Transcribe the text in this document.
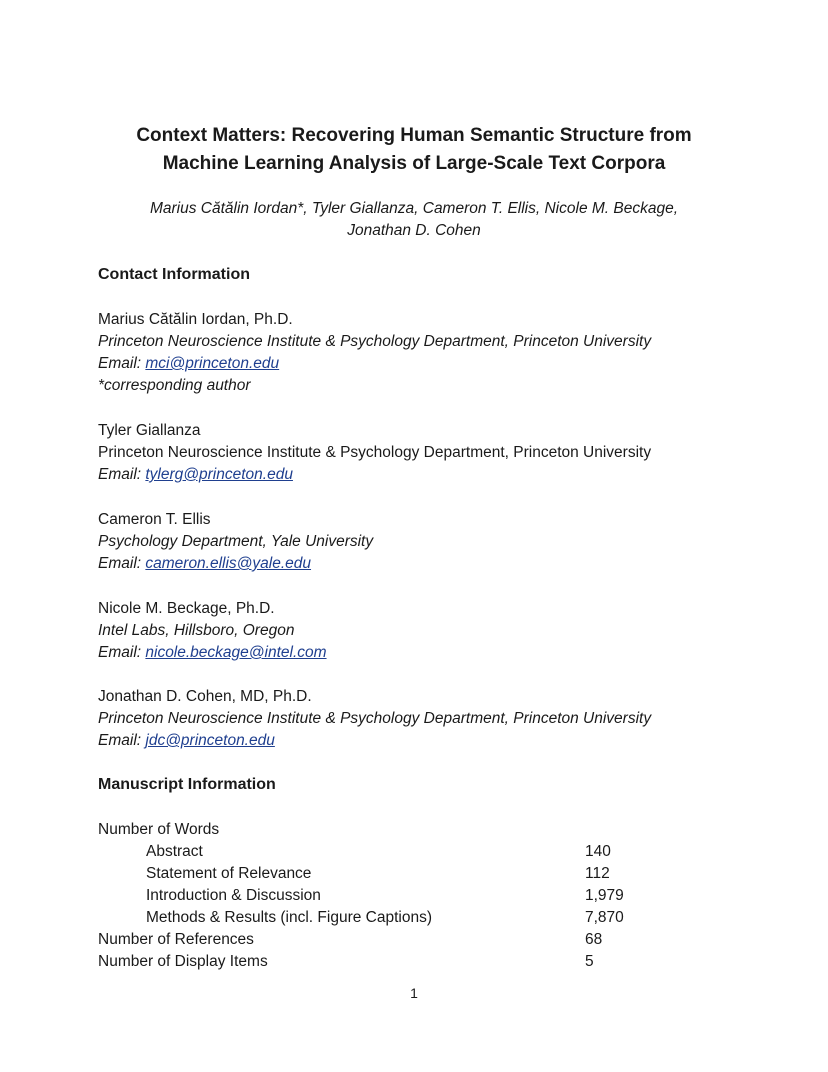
Context Matters: Recovering Human Semantic Structure from
Machine Learning Analysis of Large-Scale Text Corpora
Marius Cătălin Iordan*, Tyler Giallanza, Cameron T. Ellis, Nicole M. Beckage,
Jonathan D. Cohen
Contact Information
Marius Cătălin Iordan, Ph.D.
Princeton Neuroscience Institute & Psychology Department, Princeton University
Email: mci@princeton.edu
*corresponding author
Tyler Giallanza
Princeton Neuroscience Institute & Psychology Department, Princeton University
Email: tylerg@princeton.edu
Cameron T. Ellis
Psychology Department, Yale University
Email: cameron.ellis@yale.edu
Nicole M. Beckage, Ph.D.
Intel Labs, Hillsboro, Oregon
Email: nicole.beckage@intel.com
Jonathan D. Cohen, MD, Ph.D.
Princeton Neuroscience Institute & Psychology Department, Princeton University
Email: jdc@princeton.edu
Manuscript Information
Number of Words
Abstract	140
Statement of Relevance	112
Introduction & Discussion	1,979
Methods & Results (incl. Figure Captions)	7,870
Number of References	68
Number of Display Items	5
1
